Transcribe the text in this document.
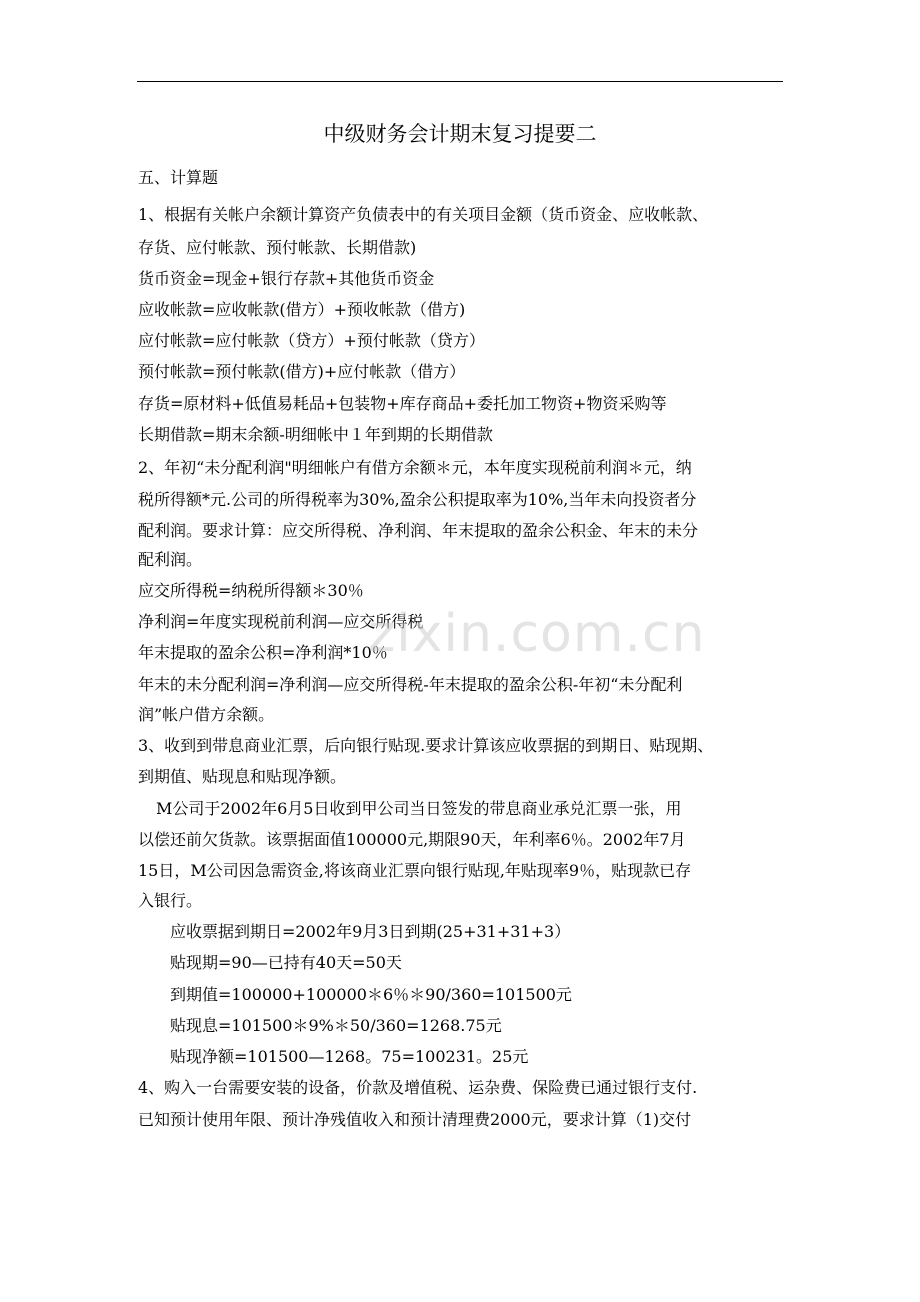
中级财务会计期末复习提要二
五、计算题
1、根据有关帐户余额计算资产负债表中的有关项目金额（货币资金、应收帐款、
存货、应付帐款、预付帐款、长期借款)
货币资金=现金+银行存款+其他货币资金
应收帐款=应收帐款(借方）+预收帐款（借方)
应付帐款=应付帐款（贷方）+预付帐款（贷方）
预付帐款=预付帐款(借方)+应付帐款（借方）
存货=原材料+低值易耗品+包装物+库存商品+委托加工物资+物资采购等
长期借款=期末余额-明细帐中１年到期的长期借款
2、年初“未分配利润"明细帐户有借方余额＊元，本年度实现税前利润＊元，纳
税所得额*元.公司的所得税率为30%,盈余公积提取率为10%,当年未向投资者分
配利润。要求计算：应交所得税、净利润、年末提取的盈余公积金、年末的未分
配利润。
应交所得税=纳税所得额＊30％
净利润=年度实现税前利润—应交所得税
年末提取的盈余公积=净利润*10％
年末的未分配利润=净利润—应交所得税-年末提取的盈余公积-年初“未分配利
润”帐户借方余额。
3、收到到带息商业汇票，后向银行贴现.要求计算该应收票据的到期日、贴现期、
到期值、贴现息和贴现净额。
M公司于2002年6月5日收到甲公司当日签发的带息商业承兑汇票一张，用
以偿还前欠货款。该票据面值100000元,期限90天，年利率6％。2002年7月
15日，M公司因急需资金,将该商业汇票向银行贴现,年贴现率9％，贴现款已存
入银行。
应收票据到期日=2002年9月3日到期(25+31+31+3）
贴现期=90—已持有40天=50天
到期值=100000+100000＊6％＊90/360=101500元
贴现息=101500＊9%＊50/360=1268.75元
贴现净额=101500—1268。75=100231。25元
4、购入一台需要安装的设备，价款及增值税、运杂费、保险费已通过银行支付.
已知预计使用年限、预计净残值收入和预计清理费2000元，要求计算（1)交付
zixin.com.cn
